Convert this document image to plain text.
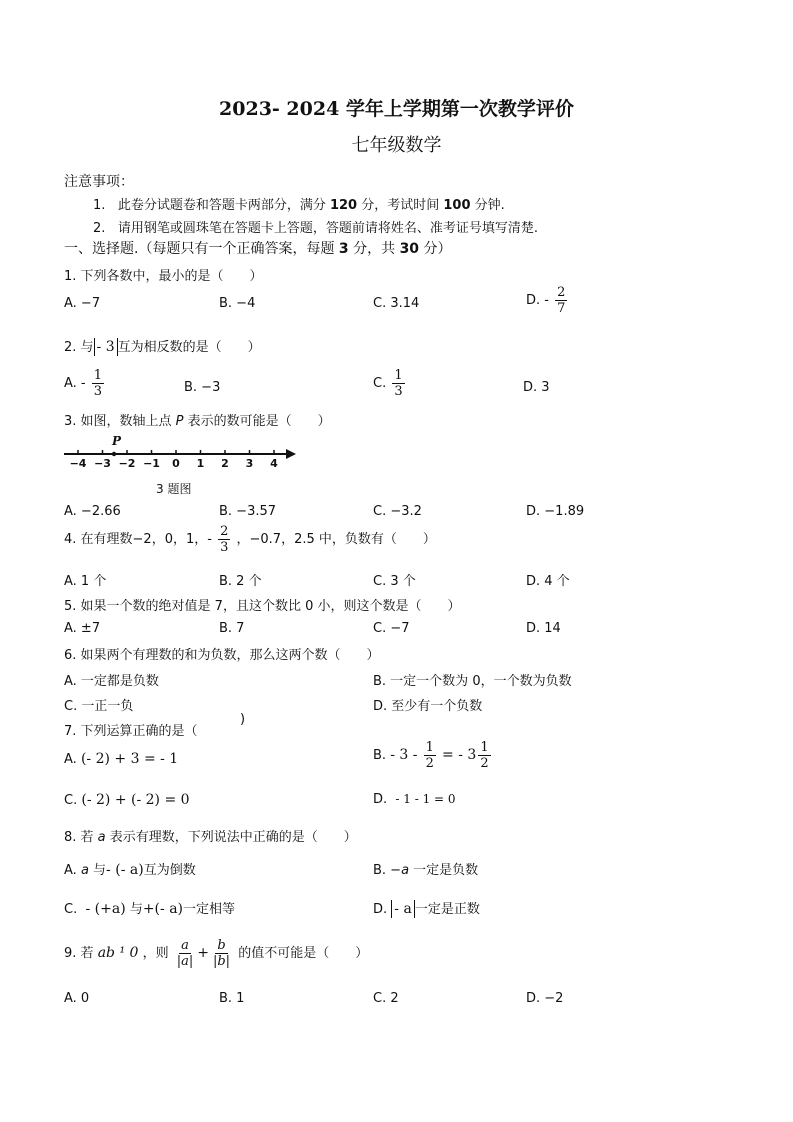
2023- 2024 学年上学期第一次教学评价
七年级数学
注意事项：
1. 此卷分试题卷和答题卡两部分，满分 120 分，考试时间 100 分钟.
2. 请用钢笔或圆珠笔在答题卡上答题，答题前请将姓名、准考证号填写清楚.
一、选择题.（每题只有一个正确答案，每题 3 分，共 30 分）
1. 下列各数中，最小的是（　　）
A. −7	B. −4	C. 3.14	D. - $\frac{2}{7}$
2. 与 - 3 互为相反数的是（　　）
A. - $\frac{1}{3}$	B. −3	C. $\frac{1}{3}$	D. 3
3. 如图，数轴上点 P 表示的数可能是（　　）
−4 −3 −2 −1 0 1 2 3 4
P
3 题图
A. −2.66	B. −3.57	C. −3.2	D. −1.89
4. 在有理数−2，0，1，- $\frac{2}{3}$ ，−0.7，2.5 中，负数有（　　）
A. 1 个	B. 2 个	C. 3 个	D. 4 个
5. 如果一个数的绝对值是 7，且这个数比 0 小，则这个数是（　　）
A. ±7	B. 7	C. −7	D. 14
6. 如果两个有理数的和为负数，那么这两个数（　　）
A. 一定都是负数	B. 一定一个数为 0，一个数为负数
C. 一正一负	D. 至少有一个负数
7. 下列运算正确的是（
)
A. (- 2) + 3 = - 1	B. - $3 - \frac{1}{2}$ = - $3 \frac{1}{2}$
C. (- 2) + (- 2) = 0	D. - 1 - 1 = 0
8. 若 a 表示有理数，下列说法中正确的是（　　）
A. a 与- (- a)互为倒数	B. −a 一定是负数
C. - (+a) 与+(- a)一定相等	D. - a 一定是正数
9. 若 ab ¹ 0 ，则 $\frac{a}{|a|} + \frac{b}{|b|}$ 的值不可能是（　　）
A. 0	B. 1	C. 2	D. −2
